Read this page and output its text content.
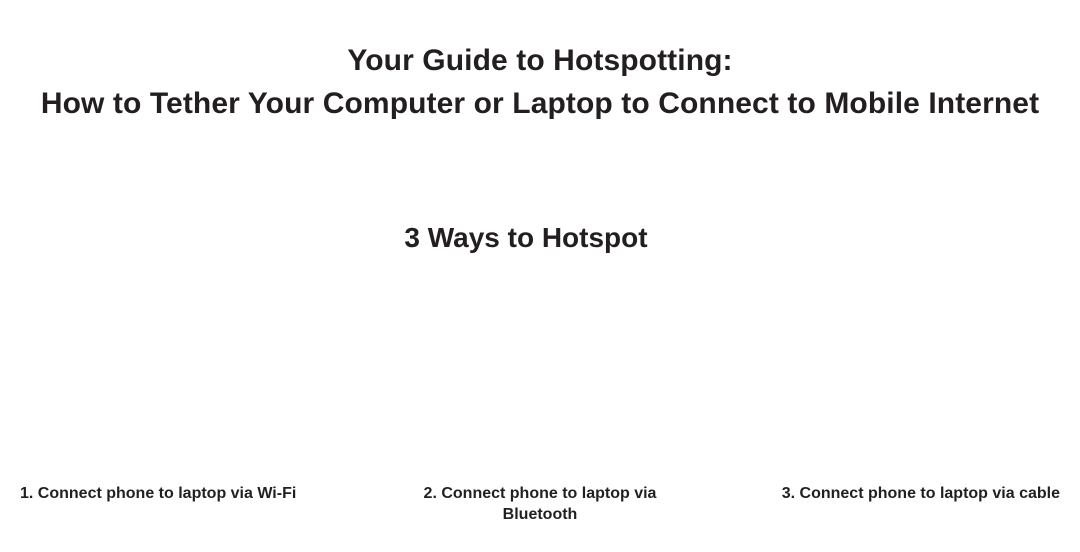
Your Guide to Hotspotting:
How to Tether Your Computer or Laptop to Connect to Mobile Internet
3 Ways to Hotspot
1. Connect phone to laptop via Wi-Fi	2. Connect phone to laptop via Bluetooth
3. Connect phone to laptop via cable
